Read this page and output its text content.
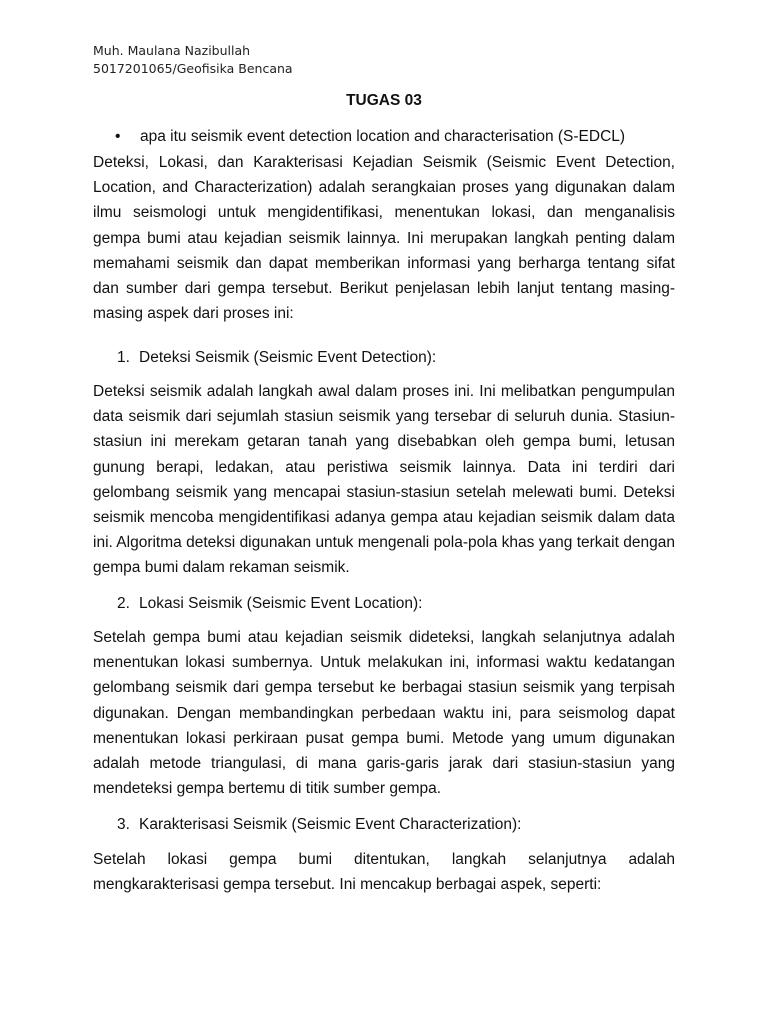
Muh. Maulana Nazibullah
5017201065/Geofisika Bencana
TUGAS 03
• apa itu seismik event detection location and characterisation (S-EDCL)

Deteksi, Lokasi, dan Karakterisasi Kejadian Seismik (Seismic Event Detection, Location, and Characterization) adalah serangkaian proses yang digunakan dalam ilmu seismologi untuk mengidentifikasi, menentukan lokasi, dan menganalisis gempa bumi atau kejadian seismik lainnya. Ini merupakan langkah penting dalam memahami seismik dan dapat memberikan informasi yang berharga tentang sifat dan sumber dari gempa tersebut. Berikut penjelasan lebih lanjut tentang masing-masing aspek dari proses ini:

1. Deteksi Seismik (Seismic Event Detection):

Deteksi seismik adalah langkah awal dalam proses ini. Ini melibatkan pengumpulan data seismik dari sejumlah stasiun seismik yang tersebar di seluruh dunia. Stasiun-stasiun ini merekam getaran tanah yang disebabkan oleh gempa bumi, letusan gunung berapi, ledakan, atau peristiwa seismik lainnya. Data ini terdiri dari gelombang seismik yang mencapai stasiun-stasiun setelah melewati bumi. Deteksi seismik mencoba mengidentifikasi adanya gempa atau kejadian seismik dalam data ini. Algoritma deteksi digunakan untuk mengenali pola-pola khas yang terkait dengan gempa bumi dalam rekaman seismik.

2. Lokasi Seismik (Seismic Event Location):

Setelah gempa bumi atau kejadian seismik dideteksi, langkah selanjutnya adalah menentukan lokasi sumbernya. Untuk melakukan ini, informasi waktu kedatangan gelombang seismik dari gempa tersebut ke berbagai stasiun seismik yang terpisah digunakan. Dengan membandingkan perbedaan waktu ini, para seismolog dapat menentukan lokasi perkiraan pusat gempa bumi. Metode yang umum digunakan adalah metode triangulasi, di mana garis-garis jarak dari stasiun-stasiun yang mendeteksi gempa bertemu di titik sumber gempa.

3. Karakterisasi Seismik (Seismic Event Characterization):

Setelah lokasi gempa bumi ditentukan, langkah selanjutnya adalah mengkarakterisasi gempa tersebut. Ini mencakup berbagai aspek, seperti:
